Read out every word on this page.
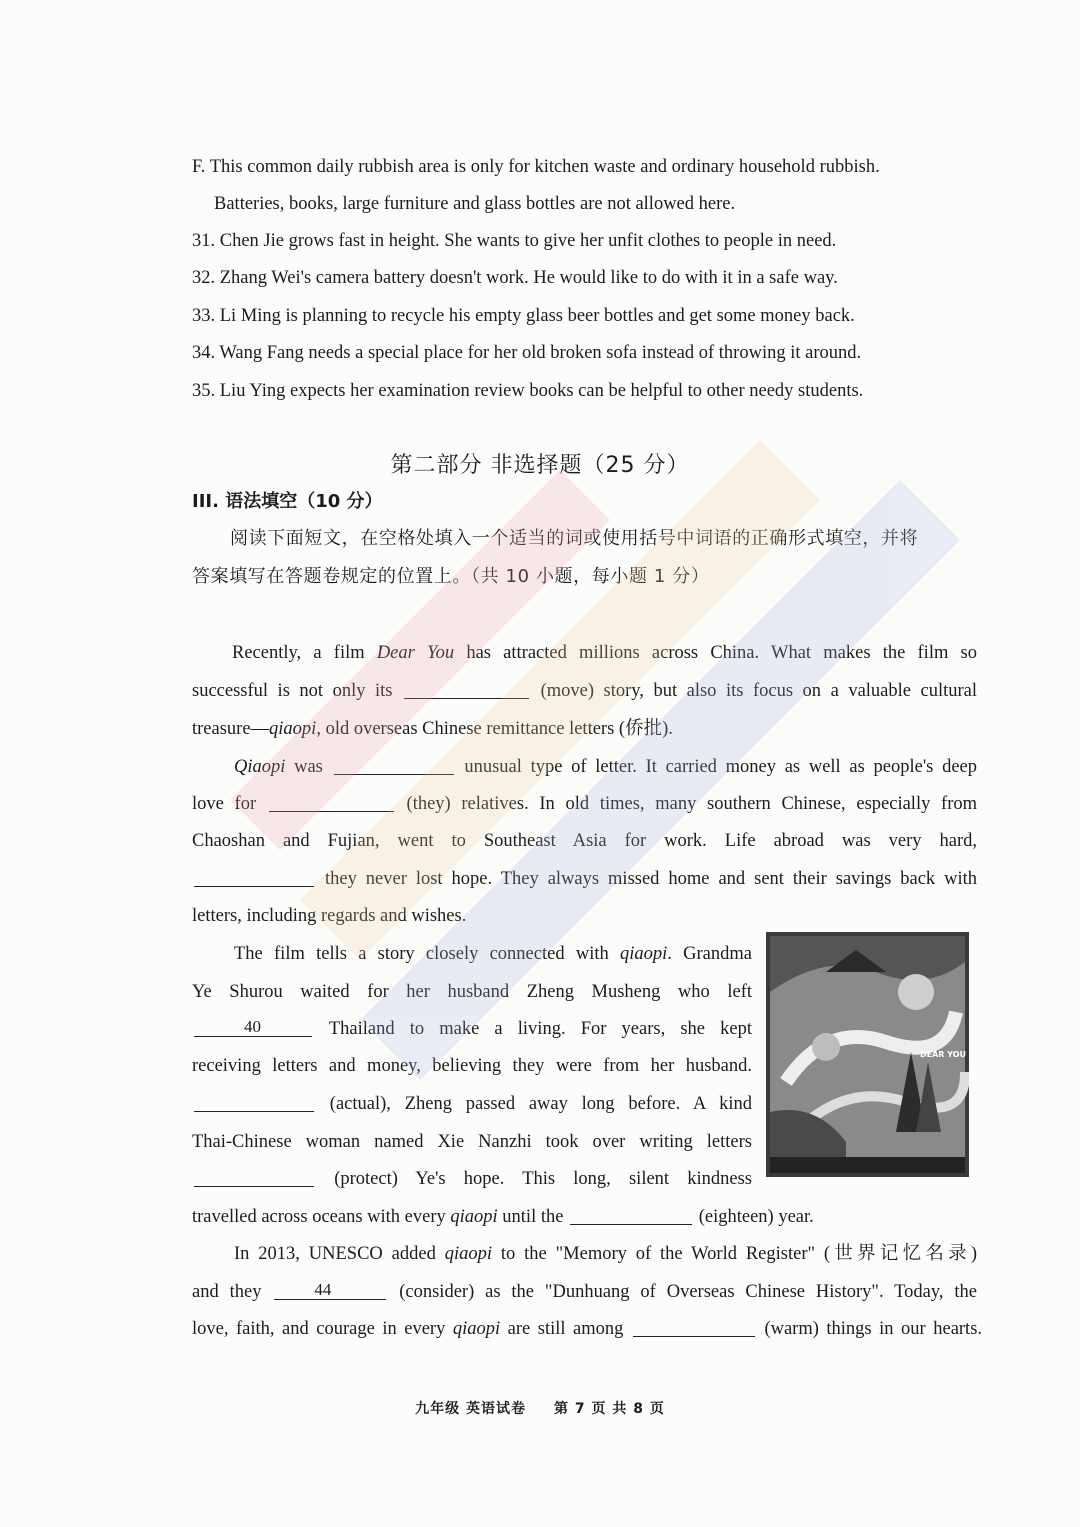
F. This common daily rubbish area is only for kitchen waste and ordinary household rubbish.
Batteries, books, large furniture and glass bottles are not allowed here.
31. Chen Jie grows fast in height. She wants to give her unfit clothes to people in need.
32. Zhang Wei's camera battery doesn't work. He would like to do with it in a safe way.
33. Li Ming is planning to recycle his empty glass beer bottles and get some money back.
34. Wang Fang needs a special place for her old broken sofa instead of throwing it around.
35. Liu Ying expects her examination review books can be helpful to other needy students.
第二部分 非选择题（25 分）
III. 语法填空（10 分）
阅读下面短文，在空格处填入一个适当的词或使用括号中词语的正确形式填空，并将
答案填写在答题卷规定的位置上。（共 10 小题，每小题 1 分）
Recently, a film Dear You has attracted millions across China. What makes the film so
successful is not only its	(move) story, but also its focus on a valuable cultural
treasure—qiaopi, old overseas Chinese remittance letters (侨批).
Qiaopi was	unusual type of letter. It carried money as well as people's deep
love for	(they) relatives. In old times, many southern Chinese, especially from
Chaoshan and Fujian, went to Southeast Asia for work. Life abroad was very hard,
they never lost hope. They always missed home and sent their savings back with
letters, including regards and wishes.
The film tells a story closely connected with qiaopi. Grandma
Ye Shurou waited for her husband Zheng Musheng who left
40	Thailand to make a living. For years, she kept
receiving letters and money, believing they were from her husband.
(actual), Zheng passed away long before. A kind
Thai-Chinese woman named Xie Nanzhi took over writing letters
(protect) Ye's hope. This long, silent kindness
travelled across oceans with every qiaopi until the	(eighteen) year.
In 2013, UNESCO added qiaopi to the "Memory of the World Register" (世界记忆名录)
and they	44	(consider) as the "Dunhuang of Overseas Chinese History". Today, the
love, faith, and courage in every qiaopi are still among	(warm) things in our hearts.
DEAR YOU
九年级 英语试卷 第 7 页 共 8 页
